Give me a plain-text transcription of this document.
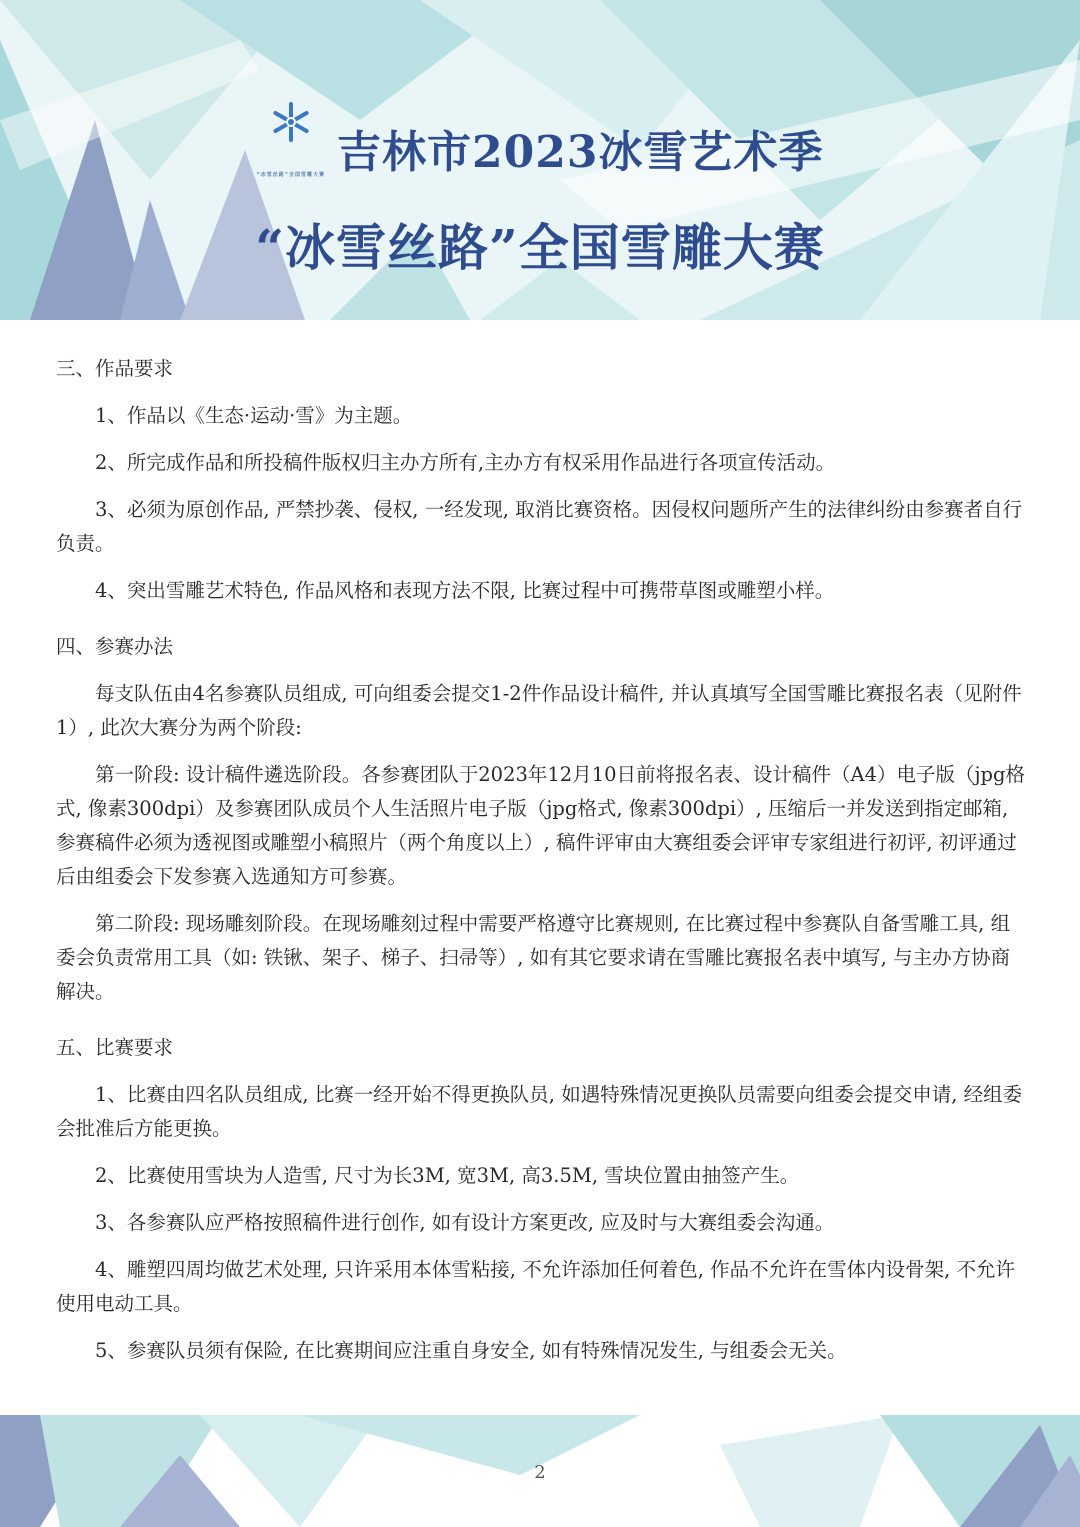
“冰雪丝路”全国雪雕大赛 吉林市2023冰雪艺术季
“冰雪丝路”全国雪雕大赛

三、作品要求

1、作品以《生态·运动·雪》为主题。

2、所完成作品和所投稿件版权归主办方所有,主办方有权采用作品进行各项宣传活动。

3、必须为原创作品, 严禁抄袭、侵权, 一经发现, 取消比赛资格。因侵权问题所产生的法律纠纷由参赛者自行负责。

4、突出雪雕艺术特色, 作品风格和表现方法不限, 比赛过程中可携带草图或雕塑小样。

四、参赛办法

每支队伍由4名参赛队员组成, 可向组委会提交1-2件作品设计稿件, 并认真填写全国雪雕比赛报名表（见附件1）, 此次大赛分为两个阶段:

第一阶段: 设计稿件遴选阶段。各参赛团队于2023年12月10日前将报名表、设计稿件（A4）电子版（jpg格式, 像素300dpi）及参赛团队成员个人生活照片电子版（jpg格式, 像素300dpi）, 压缩后一并发送到指定邮箱, 参赛稿件必须为透视图或雕塑小稿照片（两个角度以上）, 稿件评审由大赛组委会评审专家组进行初评, 初评通过后由组委会下发参赛入选通知方可参赛。

第二阶段: 现场雕刻阶段。在现场雕刻过程中需要严格遵守比赛规则, 在比赛过程中参赛队自备雪雕工具, 组委会负责常用工具（如: 铁锹、架子、梯子、扫帚等）, 如有其它要求请在雪雕比赛报名表中填写, 与主办方协商解决。

五、比赛要求

1、比赛由四名队员组成, 比赛一经开始不得更换队员, 如遇特殊情况更换队员需要向组委会提交申请, 经组委会批准后方能更换。

2、比赛使用雪块为人造雪, 尺寸为长3M, 宽3M, 高3.5M, 雪块位置由抽签产生。

3、各参赛队应严格按照稿件进行创作, 如有设计方案更改, 应及时与大赛组委会沟通。

4、雕塑四周均做艺术处理, 只许采用本体雪粘接, 不允许添加任何着色, 作品不允许在雪体内设骨架, 不允许使用电动工具。

5、参赛队员须有保险, 在比赛期间应注重自身安全, 如有特殊情况发生, 与组委会无关。

2
